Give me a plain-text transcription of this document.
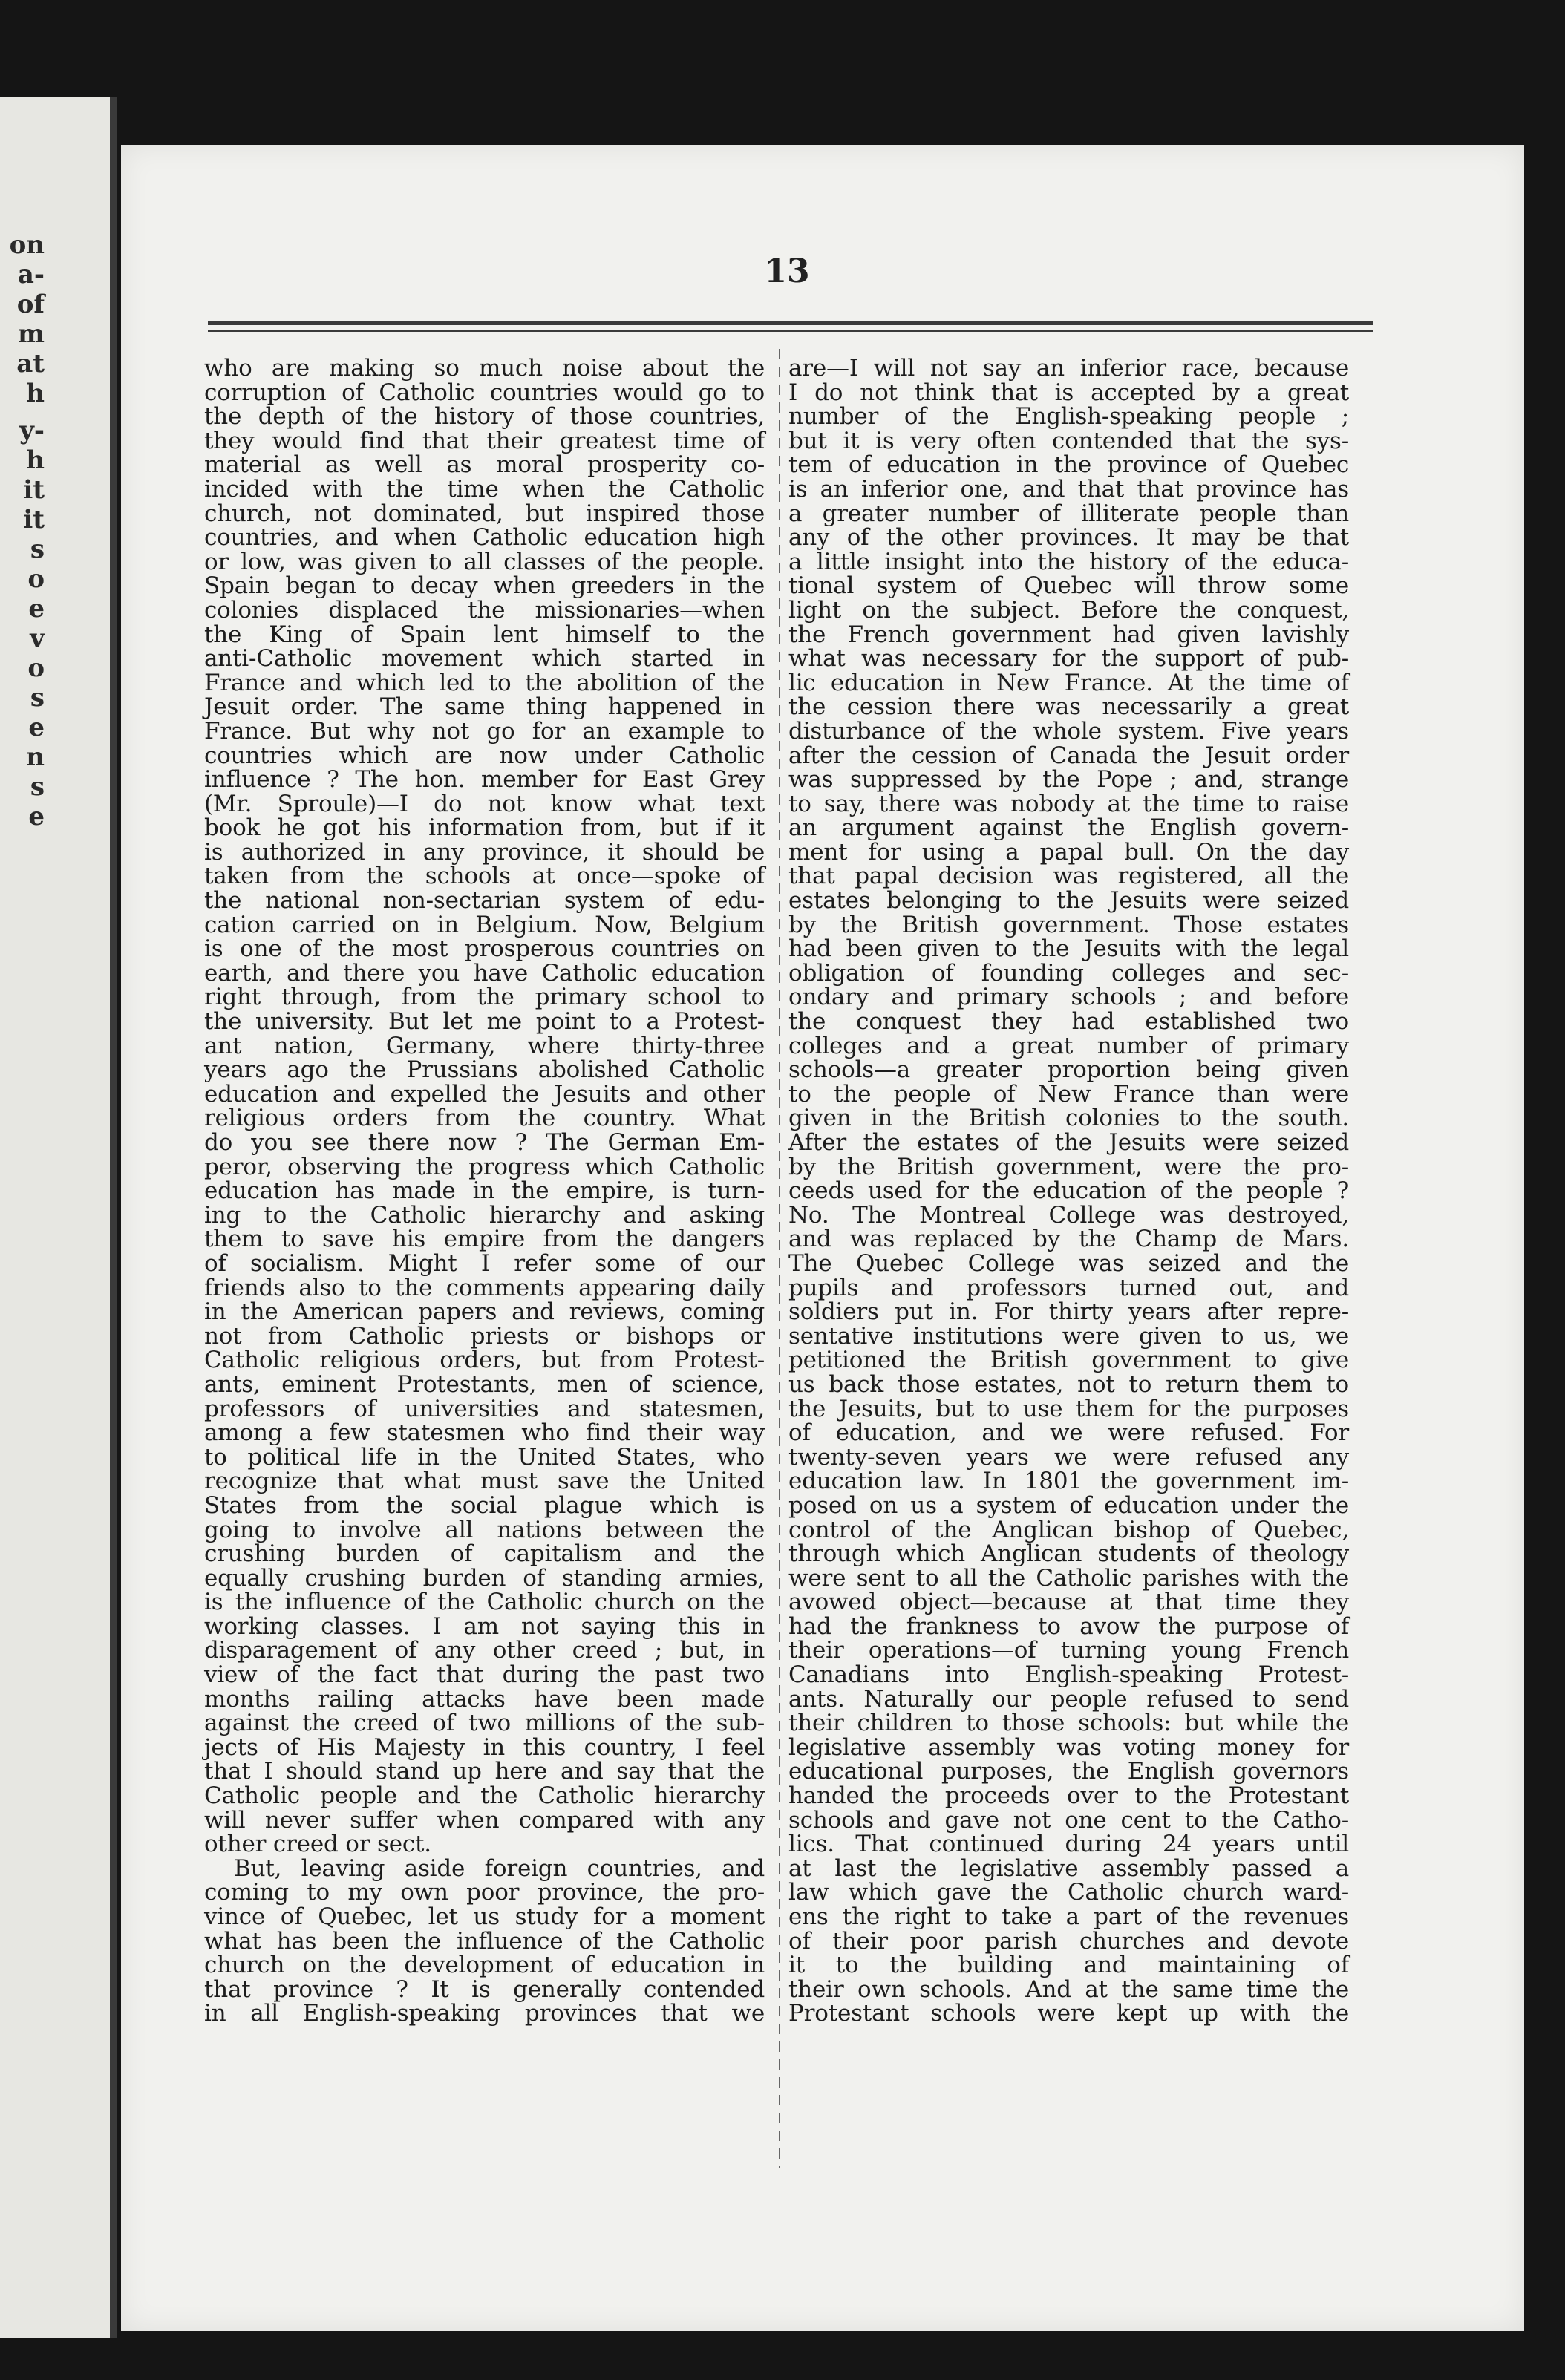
on
a-
of
m
at
h
y-
h
it
it
s
o
e
v
o
s
e
n
s
e
13
who are making so much noise about the
corruption of Catholic countries would go to
the depth of the history of those countries,
they would find that their greatest time of
material as well as moral prosperity co-
incided with the time when the Catholic
church, not dominated, but inspired those
countries, and when Catholic education high
or low, was given to all classes of the people.
Spain began to decay when greeders in the
colonies displaced the missionaries—when
the King of Spain lent himself to the
anti-Catholic movement which started in
France and which led to the abolition of the
Jesuit order. The same thing happened in
France. But why not go for an example to
countries which are now under Catholic
influence ? The hon. member for East Grey
(Mr. Sproule)—I do not know what text
book he got his information from, but if it
is authorized in any province, it should be
taken from the schools at once—spoke of
the national non-sectarian system of edu-
cation carried on in Belgium. Now, Belgium
is one of the most prosperous countries on
earth, and there you have Catholic education
right through, from the primary school to
the university. But let me point to a Protest-
ant nation, Germany, where thirty-three
years ago the Prussians abolished Catholic
education and expelled the Jesuits and other
religious orders from the country. What
do you see there now ? The German Em-
peror, observing the progress which Catholic
education has made in the empire, is turn-
ing to the Catholic hierarchy and asking
them to save his empire from the dangers
of socialism. Might I refer some of our
friends also to the comments appearing daily
in the American papers and reviews, coming
not from Catholic priests or bishops or
Catholic religious orders, but from Protest-
ants, eminent Protestants, men of science,
professors of universities and statesmen,
among a few statesmen who find their way
to political life in the United States, who
recognize that what must save the United
States from the social plague which is
going to involve all nations between the
crushing burden of capitalism and the
equally crushing burden of standing armies,
is the influence of the Catholic church on the
working classes. I am not saying this in
disparagement of any other creed ; but, in
view of the fact that during the past two
months railing attacks have been made
against the creed of two millions of the sub-
jects of His Majesty in this country, I feel
that I should stand up here and say that the
Catholic people and the Catholic hierarchy
will never suffer when compared with any
other creed or sect.
But, leaving aside foreign countries, and
coming to my own poor province, the pro-
vince of Quebec, let us study for a moment
what has been the influence of the Catholic
church on the development of education in
that province ? It is generally contended
in all English-speaking provinces that we
are—I will not say an inferior race, because
I do not think that is accepted by a great
number of the English-speaking people ;
but it is very often contended that the sys-
tem of education in the province of Quebec
is an inferior one, and that that province has
a greater number of illiterate people than
any of the other provinces. It may be that
a little insight into the history of the educa-
tional system of Quebec will throw some
light on the subject. Before the conquest,
the French government had given lavishly
what was necessary for the support of pub-
lic education in New France. At the time of
the cession there was necessarily a great
disturbance of the whole system. Five years
after the cession of Canada the Jesuit order
was suppressed by the Pope ; and, strange
to say, there was nobody at the time to raise
an argument against the English govern-
ment for using a papal bull. On the day
that papal decision was registered, all the
estates belonging to the Jesuits were seized
by the British government. Those estates
had been given to the Jesuits with the legal
obligation of founding colleges and sec-
ondary and primary schools ; and before
the conquest they had established two
colleges and a great number of primary
schools—a greater proportion being given
to the people of New France than were
given in the British colonies to the south.
After the estates of the Jesuits were seized
by the British government, were the pro-
ceeds used for the education of the people ?
No. The Montreal College was destroyed,
and was replaced by the Champ de Mars.
The Quebec College was seized and the
pupils and professors turned out, and
soldiers put in. For thirty years after repre-
sentative institutions were given to us, we
petitioned the British government to give
us back those estates, not to return them to
the Jesuits, but to use them for the purposes
of education, and we were refused. For
twenty-seven years we were refused any
education law. In 1801 the government im-
posed on us a system of education under the
control of the Anglican bishop of Quebec,
through which Anglican students of theology
were sent to all the Catholic parishes with the
avowed object—because at that time they
had the frankness to avow the purpose of
their operations—of turning young French
Canadians into English-speaking Protest-
ants. Naturally our people refused to send
their children to those schools: but while the
legislative assembly was voting money for
educational purposes, the English governors
handed the proceeds over to the Protestant
schools and gave not one cent to the Catho-
lics. That continued during 24 years until
at last the legislative assembly passed a
law which gave the Catholic church ward-
ens the right to take a part of the revenues
of their poor parish churches and devote
it to the building and maintaining of
their own schools. And at the same time the
Protestant schools were kept up with the
